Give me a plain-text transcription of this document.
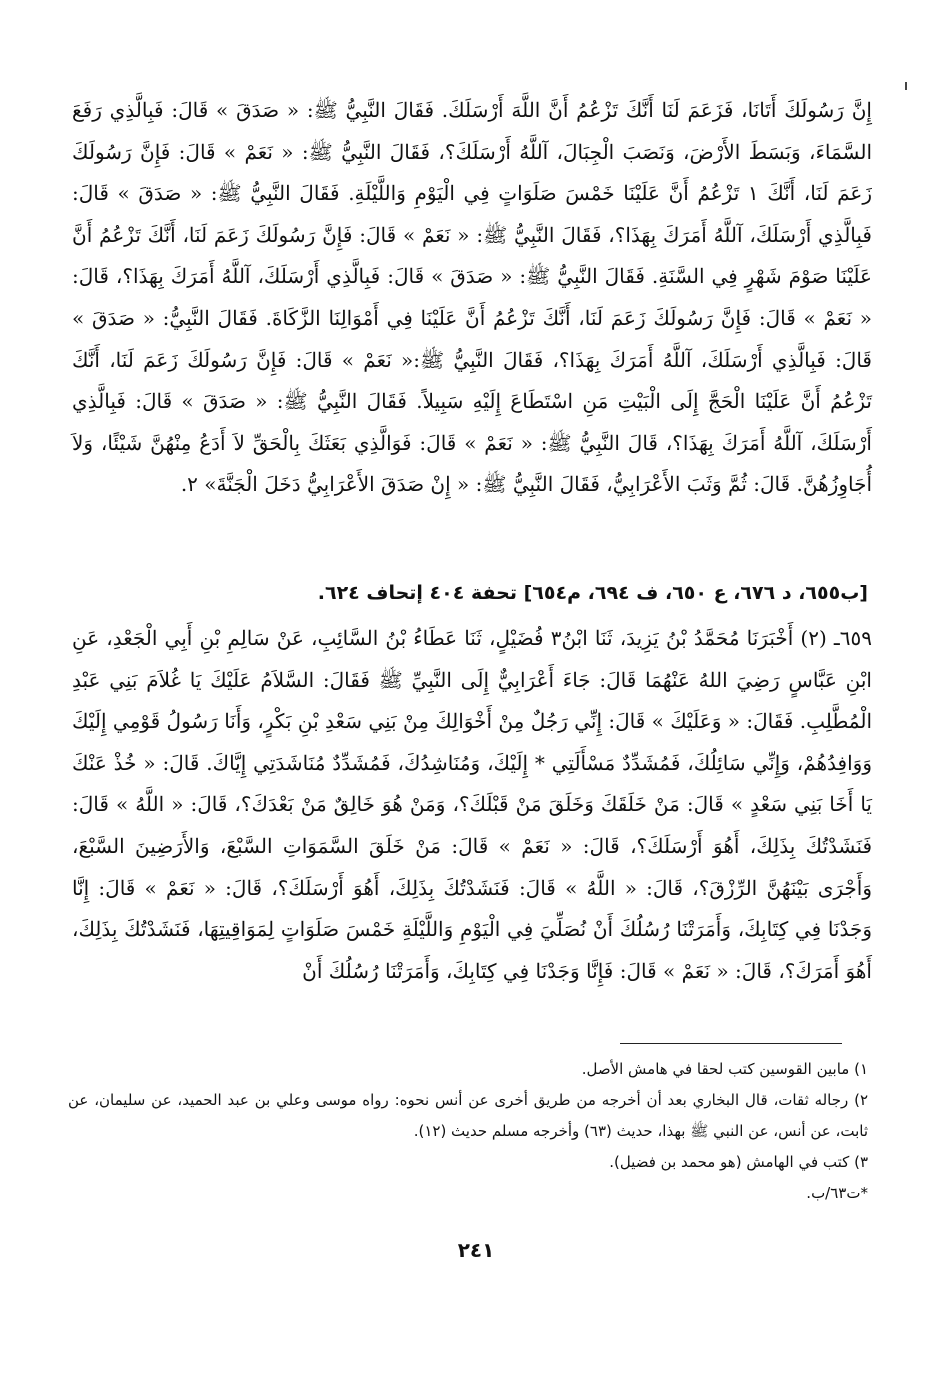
إِنَّ رَسُولَكَ أَتَانَا، فَزَعَمَ لَنَا أَنَّكَ تَزْعُمُ أَنَّ اللَّهَ أَرْسَلَكَ. فَقَالَ النَّبِيُّ ﷺ: « صَدَقَ » قَالَ: فَبِالَّذِي رَفَعَ السَّمَاءَ، وَبَسَطَ الأَرْضَ، وَنَصَبَ الْجِبَالَ، آللَّهُ أَرْسَلَكَ؟، فَقَالَ النَّبِيُّ ﷺ: « نَعَمْ » قَالَ: فَإِنَّ رَسُولَكَ زَعَمَ لَنَا، أَنَّكَ ١ تَزْعُمُ أَنَّ عَلَيْنَا خَمْسَ صَلَوَاتٍ فِي الْيَوْمِ وَاللَّيْلَةِ. فَقَالَ النَّبِيُّ ﷺ: « صَدَقَ » قَالَ: فَبِالَّذِي أَرْسَلَكَ، آللَّهُ أَمَرَكَ بِهَذَا؟، فَقَالَ النَّبِيُّ ﷺ: « نَعَمْ » قَالَ: فَإِنَّ رَسُولَكَ زَعَمَ لَنَا، أَنَّكَ تَزْعُمُ أَنَّ عَلَيْنَا صَوْمَ شَهْرٍ فِي السَّنَةِ. فَقَالَ النَّبِيُّ ﷺ: « صَدَقَ » قَالَ: فَبِالَّذِي أَرْسَلَكَ، آللَّهُ أَمَرَكَ بِهَذَا؟، قَالَ: « نَعَمْ » قَالَ: فَإِنَّ رَسُولَكَ زَعَمَ لَنَا، أَنَّكَ تَزْعُمُ أَنَّ عَلَيْنَا فِي أَمْوَالِنَا الزَّكَاةَ. فَقَالَ النَّبِيُّ: « صَدَقَ » قَالَ: فَبِالَّذِي أَرْسَلَكَ، آللَّهُ أَمَرَكَ بِهَذَا؟، فَقَالَ النَّبِيُّ ﷺ:« نَعَمْ » قَالَ: فَإِنَّ رَسُولَكَ زَعَمَ لَنَا، أَنَّكَ تَزْعُمُ أَنَّ عَلَيْنَا الْحَجَّ إِلَى الْبَيْتِ مَنِ اسْتَطَاعَ إِلَيْهِ سَبِيلاً. فَقَالَ النَّبِيُّ ﷺ: « صَدَقَ » قَالَ: فَبِالَّذِي أَرْسَلَكَ، آللَّهُ أَمَرَكَ بِهَذَا؟، قَالَ النَّبِيُّ ﷺ: « نَعَمْ » قَالَ: فَوَالَّذِي بَعَثَكَ بِالْحَقِّ لاَ أَدَعُ مِنْهُنَّ شَيْئًا، وَلاَ أُجَاوِزُهُنَّ. قَالَ: ثُمَّ وَثَبَ الأَعْرَابِيُّ، فَقَالَ النَّبِيُّ ﷺ: « إِنْ صَدَقَ الأَعْرَابِيُّ دَخَلَ الْجَنَّةَ» ٢.

[ب٦٥٥، د ٦٧٦، ع ٦٥٠، ف ٦٩٤، م٦٥٤] تحفة ٤٠٤ إتحاف ٦٢٤.

٦٥٩ـ (٢) أَخْبَرَنَا مُحَمَّدُ بْنُ يَزِيدَ، ثَنَا ابْنُ٣ فُضَيْلٍ، ثَنَا عَطَاءُ بْنُ السَّائِبِ، عَنْ سَالِمِ بْنِ أَبِي الْجَعْدِ، عَنِ ابْنِ عَبَّاسٍ رَضِيَ اللهُ عَنْهُمَا قَالَ: جَاءَ أَعْرَابِيٌّ إِلَى النَّبِيِّ ﷺ فَقَالَ: السَّلاَمُ عَلَيْكَ يَا غُلاَمَ بَنِي عَبْدِ الْمُطَّلِبِ. فَقَالَ: « وَعَلَيْكَ » قَالَ: إِنِّي رَجُلٌ مِنْ أَخْوَالِكَ مِنْ بَنِي سَعْدِ بْنِ بَكْرٍ، وَأَنَا رَسُولُ قَوْمِي إِلَيْكَ وَوَافِدُهُمْ، وَإِنِّي سَائِلُكَ، فَمُشَدِّدٌ مَسْأَلَتِي * إِلَيْكَ، وَمُنَاشِدُكَ، فَمُشَدِّدٌ مُنَاشَدَتِي إِيَّاكَ. قَالَ: « خُذْ عَنْكَ يَا أَخَا بَنِي سَعْدٍ » قَالَ: مَنْ خَلَقَكَ وَخَلَقَ مَنْ قَبْلَكَ؟، وَمَنْ هُوَ خَالِقٌ مَنْ بَعْدَكَ؟، قَالَ: « اللَّهُ » قَالَ: فَنَشَدْتُكَ بِذَلِكَ، أَهُوَ أَرْسَلَكَ؟، قَالَ: « نَعَمْ » قَالَ: مَنْ خَلَقَ السَّمَوَاتِ السَّبْعَ، وَالأَرَضِينَ السَّبْعَ، وَأَجْرَى بَيْنَهُنَّ الرِّزْقَ؟، قَالَ: « اللَّهُ » قَالَ: فَنَشَدْتُكَ بِذَلِكَ، أَهُوَ أَرْسَلَكَ؟، قَالَ: « نَعَمْ » قَالَ: إِنَّا وَجَدْنَا فِي كِتَابِكَ، وَأَمَرَتْنَا رُسُلُكَ أَنْ نُصَلِّيَ فِي الْيَوْمِ وَاللَّيْلَةِ خَمْسَ صَلَوَاتٍ لِمَوَاقِيتِهَا، فَنَشَدْتُكَ بِذَلِكَ، أَهُوَ أَمَرَكَ؟، قَالَ: « نَعَمْ » قَالَ: فَإِنَّا وَجَدْنَا فِي كِتَابِكَ، وَأَمَرَتْنَا رُسُلُكَ أَنْ

١) مابين القوسين كتب لحقا في هامش الأصل.
٢) رجاله ثقات، قال البخاري بعد أن أخرجه من طريق أخرى عن أنس نحوه: رواه موسى وعلي بن عبد الحميد، عن سليمان، عن ثابت، عن أنس، عن النبي ﷺ بهذا، حديث (٦٣) وأخرجه مسلم حديث (١٢).
٣) كتب في الهامش (هو محمد بن فضيل).
*ت٦٣/ب.
٢٤١
